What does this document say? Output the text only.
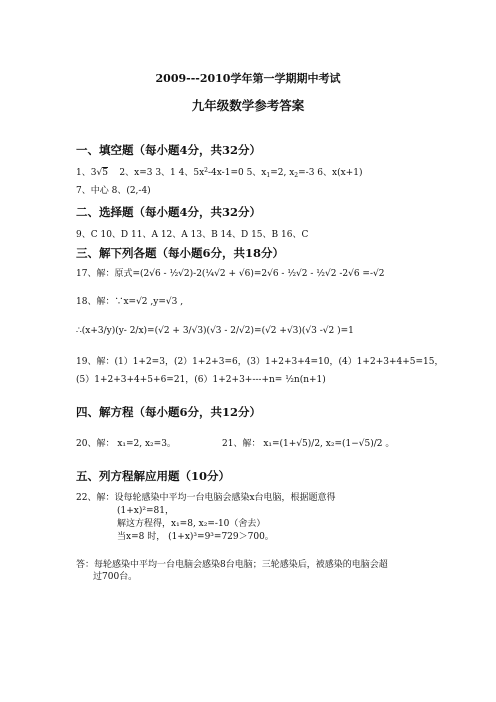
2009---2010学年第一学期期中考试
九年级数学参考答案
一、填空题（每小题4分，共32分）
1、3√5 2、x=3 3、1 4、$5x^2-4x-1=0$ 5、$x_1=2$, $x_2=-3$ 6、x(x+1)
7、中心 8、(2,-4)
二、选择题（每小题4分，共32分）
9、C 10、D 11、A 12、A 13、B 14、D 15、B 16、C
三、解下列各题（每小题6分，共18分）
17、解：原式=(2√6 - ½√2)-2(¼√2 + √6)=2√6 - ½√2 - ½√2 -2√6 =-√2
18、解：∵x=√2 ,y=√3 ,
∴(x+3/y)(y- 2/x)=(√2 + 3/√3)(√3 - 2/√2)=(√2 +√3)(√3 -√2 )=1
19、解：(1）1+2=3，(2）1+2+3=6，(3）1+2+3+4=10，(4）1+2+3+4+5=15，
(5）1+2+3+4+5+6=21，(6）1+2+3+---+n= ½n(n+1)
四、解方程（每小题6分，共12分）
20、解： x₁=2, x₂=3。	21、解： x₁=(1+√5)/2, x₂=(1−√5)/2 。
五、列方程解应用题（10分）
22、解：设每轮感染中平均一台电脑会感染x台电脑，根据题意得
(1+x)²=81，
解这方程得，x₁=8, x₂=-10（舍去）
当x=8 时， (1+x)³=9³=729＞700。
答：每轮感染中平均一台电脑会感染8台电脑；三轮感染后，被感染的电脑会超
过700台。
